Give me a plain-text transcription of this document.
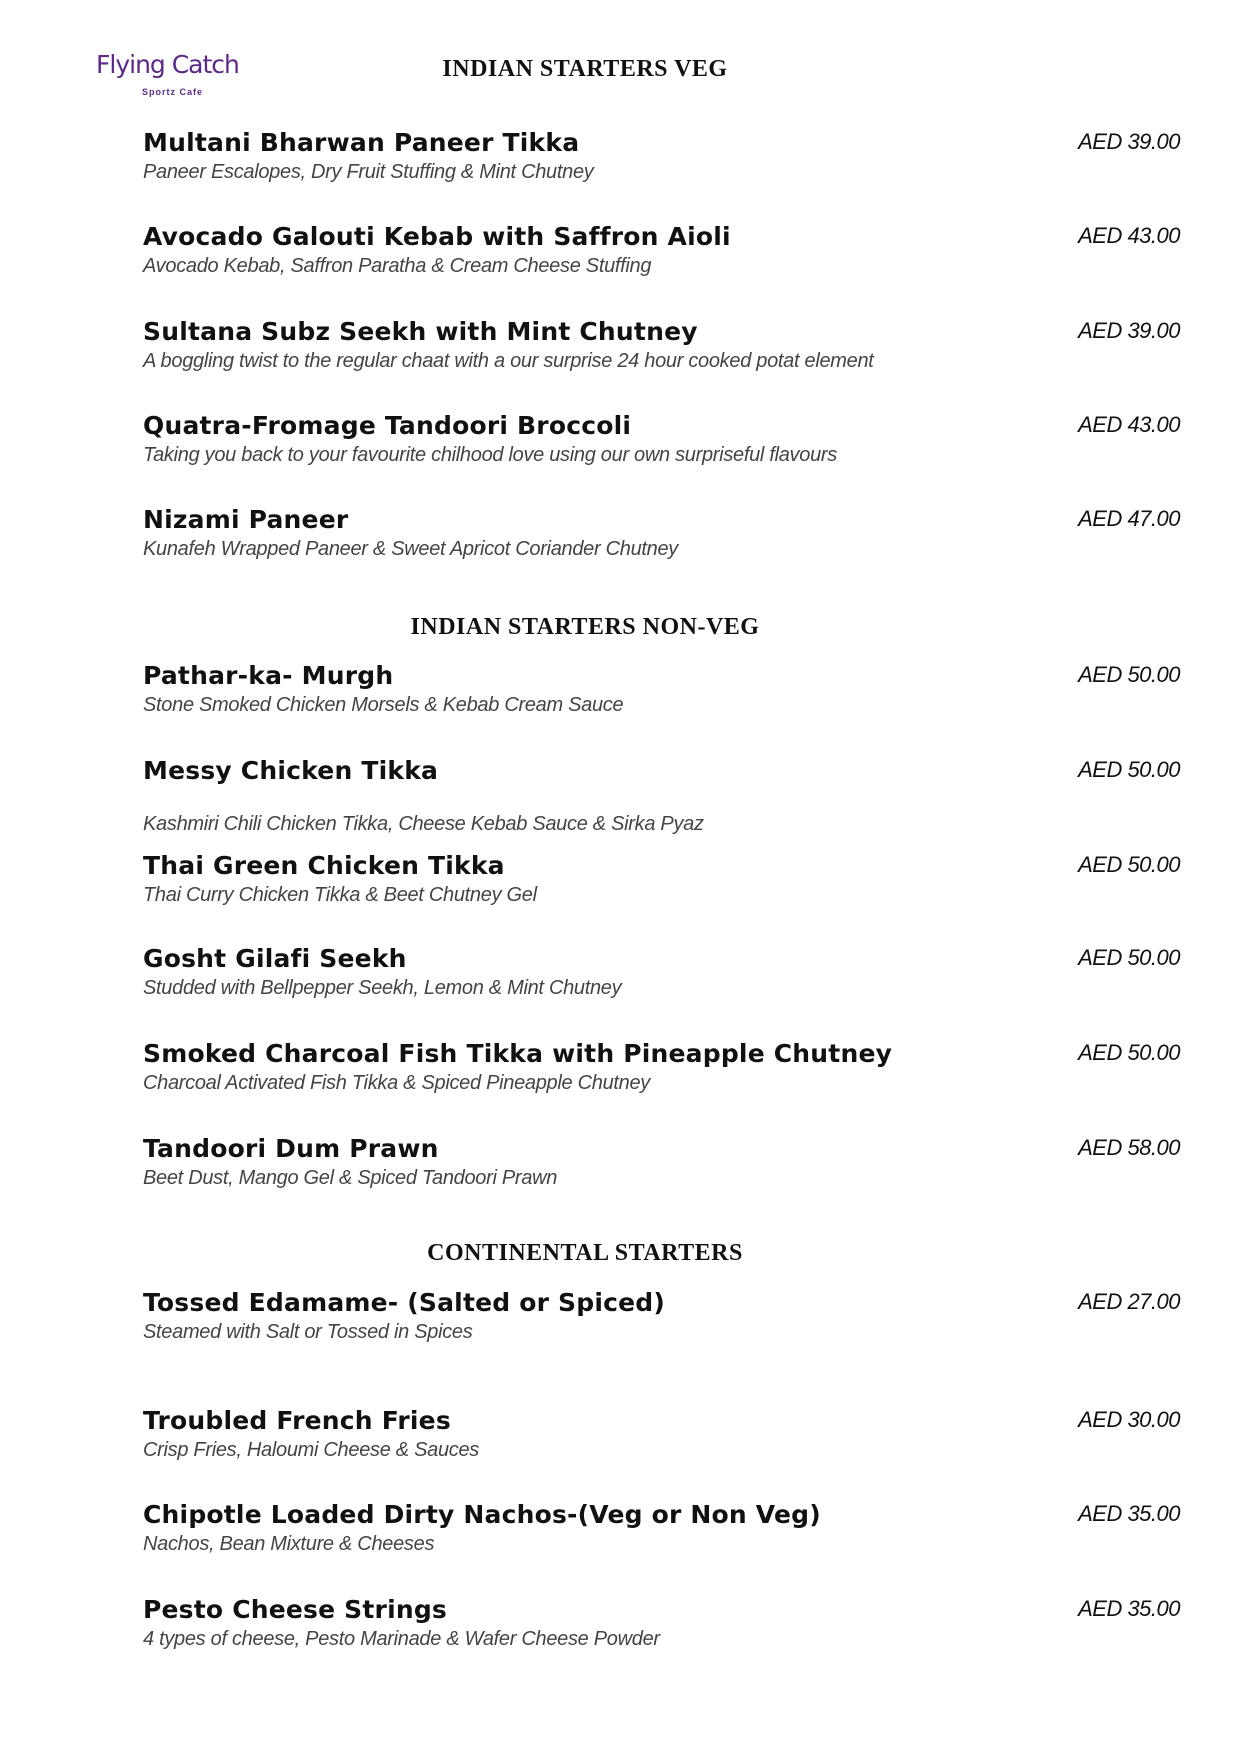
Flying Catch
Sportz Cafe
INDIAN STARTERS VEG
Multani Bharwan Paneer Tikka
Paneer Escalopes, Dry Fruit Stuffing & Mint Chutney
AED 39.00
Avocado Galouti Kebab with Saffron Aioli
Avocado Kebab, Saffron Paratha & Cream Cheese Stuffing
AED 43.00
Sultana Subz Seekh with Mint Chutney
A boggling twist to the regular chaat with a our surprise 24 hour cooked potat element
AED 39.00
Quatra-Fromage Tandoori Broccoli
Taking you back to your favourite chilhood love using our own surpriseful flavours
AED 43.00
Nizami Paneer
Kunafeh Wrapped Paneer & Sweet Apricot Coriander Chutney
AED 47.00
INDIAN STARTERS NON-VEG
Pathar-ka- Murgh
Stone Smoked Chicken Morsels & Kebab Cream Sauce
AED 50.00
Messy Chicken Tikka
Kashmiri Chili Chicken Tikka, Cheese Kebab Sauce & Sirka Pyaz
AED 50.00
Thai Green Chicken Tikka
Thai Curry Chicken Tikka & Beet Chutney Gel
AED 50.00
Gosht Gilafi Seekh
Studded with Bellpepper Seekh, Lemon & Mint Chutney
AED 50.00
Smoked Charcoal Fish Tikka with Pineapple Chutney
Charcoal Activated Fish Tikka & Spiced Pineapple Chutney
AED 50.00
Tandoori Dum Prawn
Beet Dust, Mango Gel & Spiced Tandoori Prawn
AED 58.00
CONTINENTAL STARTERS
Tossed Edamame- (Salted or Spiced)
Steamed with Salt or Tossed in Spices
AED 27.00
Troubled French Fries
Crisp Fries, Haloumi Cheese & Sauces
AED 30.00
Chipotle Loaded Dirty Nachos-(Veg or Non Veg)
Nachos, Bean Mixture & Cheeses
AED 35.00
Pesto Cheese Strings
4 types of cheese, Pesto Marinade & Wafer Cheese Powder
AED 35.00
